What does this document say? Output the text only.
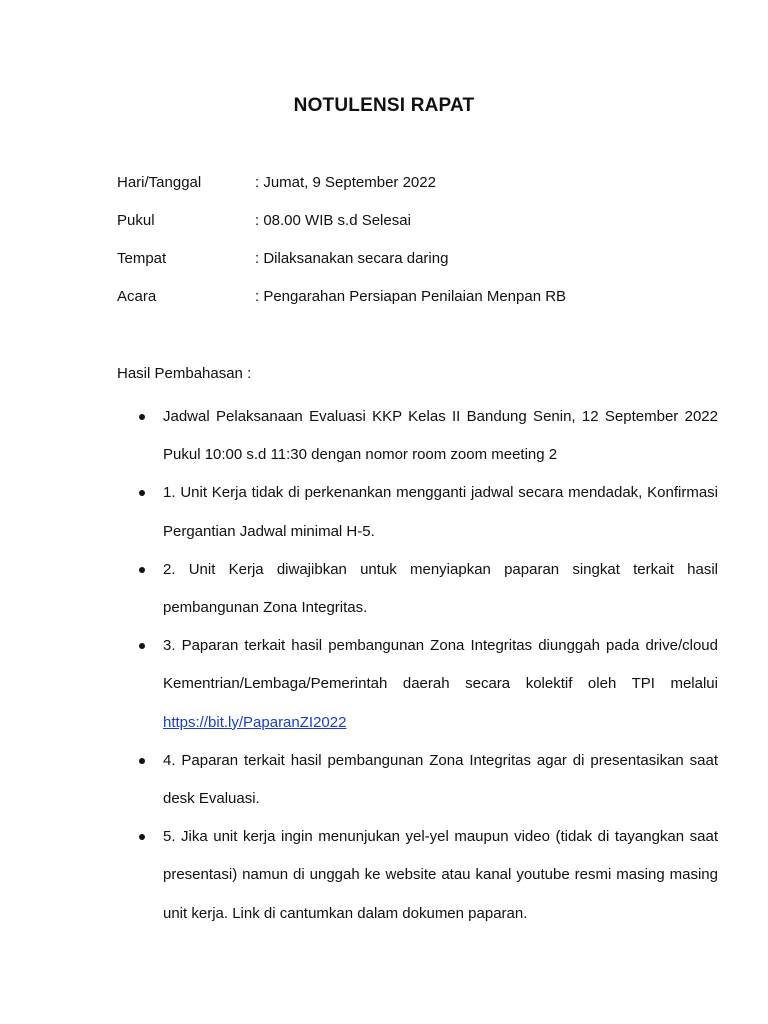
NOTULENSI RAPAT
Hari/Tanggal	: Jumat, 9 September 2022
Pukul	: 08.00 WIB s.d Selesai
Tempat	: Dilaksanakan secara daring
Acara	: Pengarahan Persiapan Penilaian Menpan RB
Hasil Pembahasan :
Jadwal Pelaksanaan Evaluasi KKP Kelas II Bandung Senin, 12 September 2022 Pukul 10:00 s.d 11:30 dengan nomor room zoom meeting 2
1. Unit Kerja tidak di perkenankan mengganti jadwal secara mendadak, Konfirmasi Pergantian Jadwal minimal H-5.
2. Unit Kerja diwajibkan untuk menyiapkan paparan singkat terkait hasil pembangunan Zona Integritas.
3. Paparan terkait hasil pembangunan Zona Integritas diunggah pada drive/cloud Kementrian/Lembaga/Pemerintah daerah secara kolektif oleh TPI melalui https://bit.ly/PaparanZI2022
4. Paparan terkait hasil pembangunan Zona Integritas agar di presentasikan saat desk Evaluasi.
5. Jika unit kerja ingin menunjukan yel-yel maupun video (tidak di tayangkan saat presentasi) namun di unggah ke website atau kanal youtube resmi masing masing unit kerja. Link di cantumkan dalam dokumen paparan.
